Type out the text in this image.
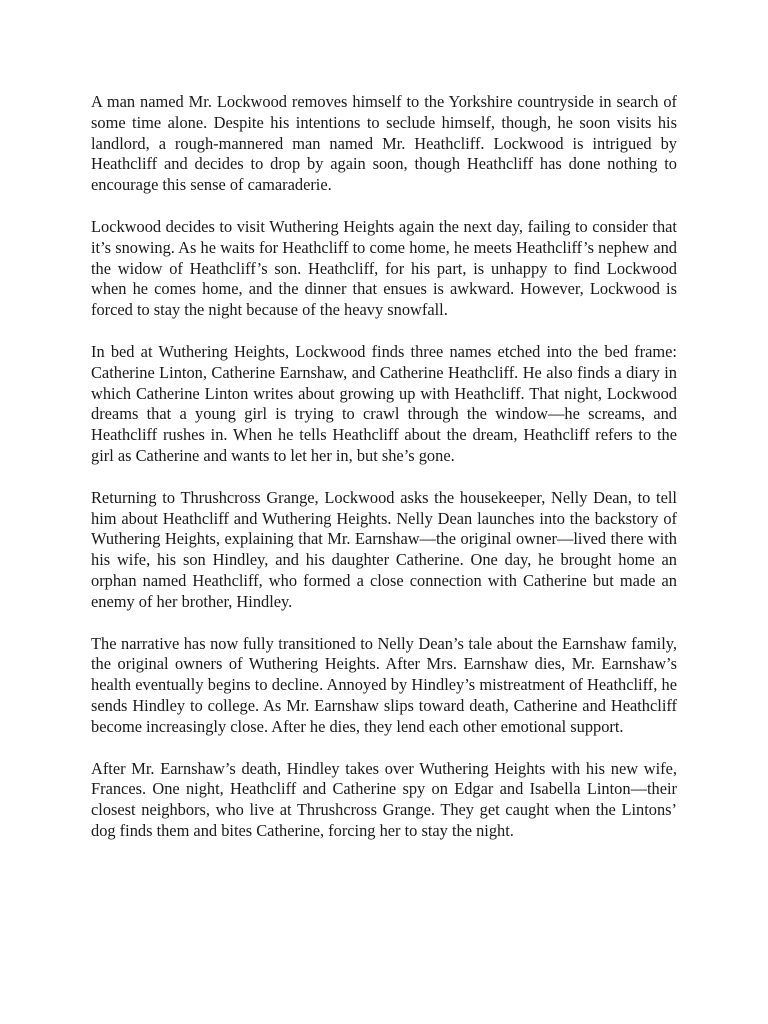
A man named Mr. Lockwood removes himself to the Yorkshire countryside in search of some time alone. Despite his intentions to seclude himself, though, he soon visits his landlord, a rough-mannered man named Mr. Heathcliff. Lockwood is intrigued by Heathcliff and decides to drop by again soon, though Heathcliff has done nothing to encourage this sense of camaraderie.

Lockwood decides to visit Wuthering Heights again the next day, failing to consider that it’s snowing. As he waits for Heathcliff to come home, he meets Heathcliff’s nephew and the widow of Heathcliff’s son. Heathcliff, for his part, is unhappy to find Lockwood when he comes home, and the dinner that ensues is awkward. However, Lockwood is forced to stay the night because of the heavy snowfall.

In bed at Wuthering Heights, Lockwood finds three names etched into the bed frame: Catherine Linton, Catherine Earnshaw, and Catherine Heathcliff. He also finds a diary in which Catherine Linton writes about growing up with Heathcliff. That night, Lockwood dreams that a young girl is trying to crawl through the window—he screams, and Heathcliff rushes in. When he tells Heathcliff about the dream, Heathcliff refers to the girl as Catherine and wants to let her in, but she’s gone.

Returning to Thrushcross Grange, Lockwood asks the housekeeper, Nelly Dean, to tell him about Heathcliff and Wuthering Heights. Nelly Dean launches into the backstory of Wuthering Heights, explaining that Mr. Earnshaw—the original owner—lived there with his wife, his son Hindley, and his daughter Catherine. One day, he brought home an orphan named Heathcliff, who formed a close connection with Catherine but made an enemy of her brother, Hindley.

The narrative has now fully transitioned to Nelly Dean’s tale about the Earnshaw family, the original owners of Wuthering Heights. After Mrs. Earnshaw dies, Mr. Earnshaw’s health eventually begins to decline. Annoyed by Hindley’s mistreatment of Heathcliff, he sends Hindley to college. As Mr. Earnshaw slips toward death, Catherine and Heathcliff become increasingly close. After he dies, they lend each other emotional support.

After Mr. Earnshaw’s death, Hindley takes over Wuthering Heights with his new wife, Frances. One night, Heathcliff and Catherine spy on Edgar and Isabella Linton—their closest neighbors, who live at Thrushcross Grange. They get caught when the Lintons’ dog finds them and bites Catherine, forcing her to stay the night.
